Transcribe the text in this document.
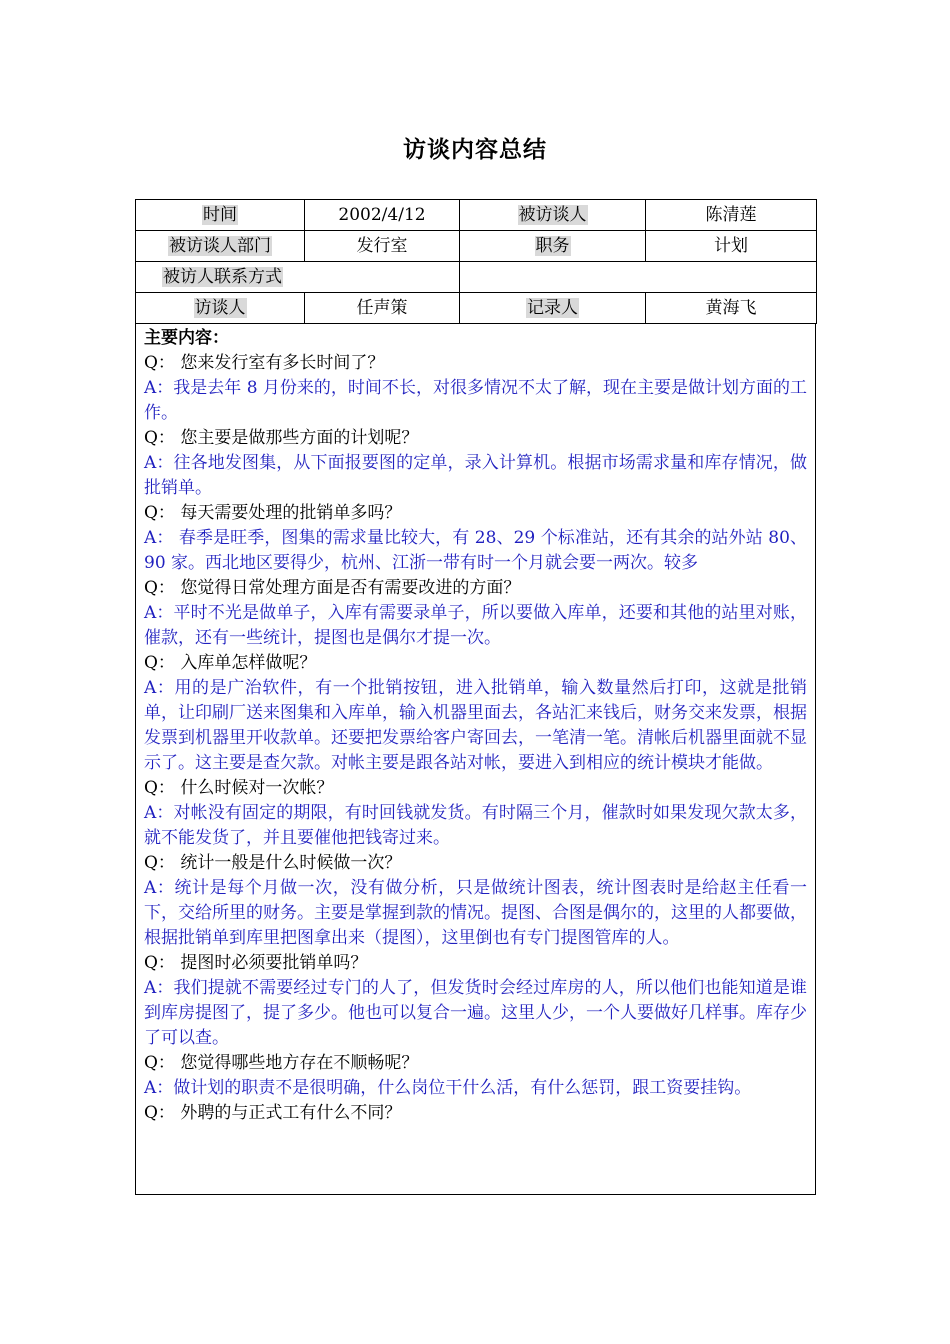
访谈内容总结
时间	2002/4/12	被访谈人	陈清莲
被访谈人部门	发行室	职务	计划
被访人联系方式			
访谈人	任声策	记录人	黄海飞
主要内容：
Q： 您来发行室有多长时间了？
A：我是去年 8 月份来的，时间不长，对很多情况不太了解，现在主要是做计划方面的工作。
Q： 您主要是做那些方面的计划呢？
A：往各地发图集，从下面报要图的定单，录入计算机。根据市场需求量和库存情况，做批销单。
Q： 每天需要处理的批销单多吗？
A： 春季是旺季，图集的需求量比较大，有 28、29 个标准站，还有其余的站外站 80、90 家。西北地区要得少，杭州、江浙一带有时一个月就会要一两次。较多
Q： 您觉得日常处理方面是否有需要改进的方面？
A：平时不光是做单子，入库有需要录单子，所以要做入库单，还要和其他的站里对账，催款，还有一些统计，提图也是偶尔才提一次。
Q： 入库单怎样做呢？
A：用的是广治软件，有一个批销按钮，进入批销单，输入数量然后打印，这就是批销单，让印刷厂送来图集和入库单，输入机器里面去，各站汇来钱后，财务交来发票，根据发票到机器里开收款单。还要把发票给客户寄回去，一笔清一笔。清帐后机器里面就不显示了。这主要是查欠款。对帐主要是跟各站对帐，要进入到相应的统计模块才能做。
Q： 什么时候对一次帐？
A：对帐没有固定的期限，有时回钱就发货。有时隔三个月，催款时如果发现欠款太多，就不能发货了，并且要催他把钱寄过来。
Q： 统计一般是什么时候做一次？
A：统计是每个月做一次，没有做分析，只是做统计图表，统计图表时是给赵主任看一下，交给所里的财务。主要是掌握到款的情况。提图、合图是偶尔的，这里的人都要做，根据批销单到库里把图拿出来（提图），这里倒也有专门提图管库的人。
Q： 提图时必须要批销单吗？
A：我们提就不需要经过专门的人了，但发货时会经过库房的人，所以他们也能知道是谁到库房提图了，提了多少。他也可以复合一遍。这里人少，一个人要做好几样事。库存少了可以查。
Q： 您觉得哪些地方存在不顺畅呢？
A：做计划的职责不是很明确，什么岗位干什么活，有什么惩罚，跟工资要挂钩。
Q： 外聘的与正式工有什么不同？
